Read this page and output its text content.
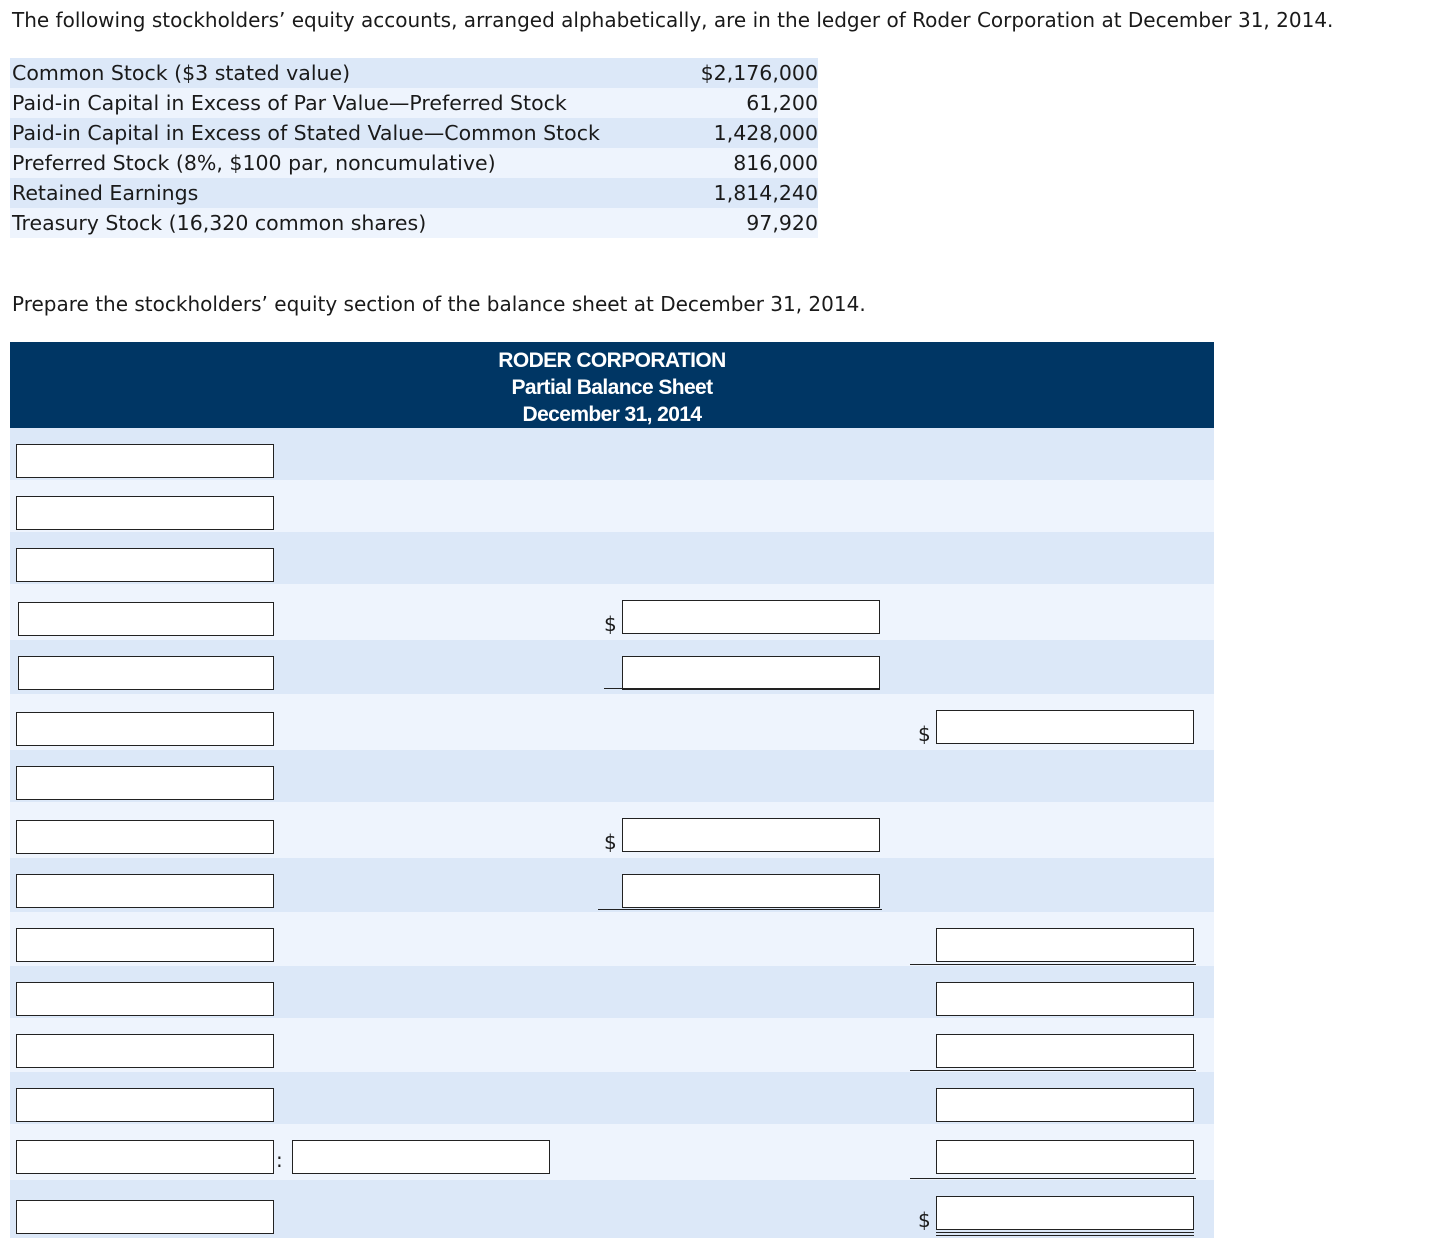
The following stockholders’ equity accounts, arranged alphabetically, are in the ledger of Roder Corporation at December 31, 2014.
Common Stock ($3 stated value)	$2,176,000
Paid-in Capital in Excess of Par Value—Preferred Stock	61,200
Paid-in Capital in Excess of Stated Value—Common Stock	1,428,000
Preferred Stock (8%, $100 par, noncumulative)	816,000
Retained Earnings	1,814,240
Treasury Stock (16,320 common shares)	97,920
Prepare the stockholders’ equity section of the balance sheet at December 31, 2014.
RODER CORPORATION
Partial Balance Sheet
December 31, 2014
$
$
$
:
$
